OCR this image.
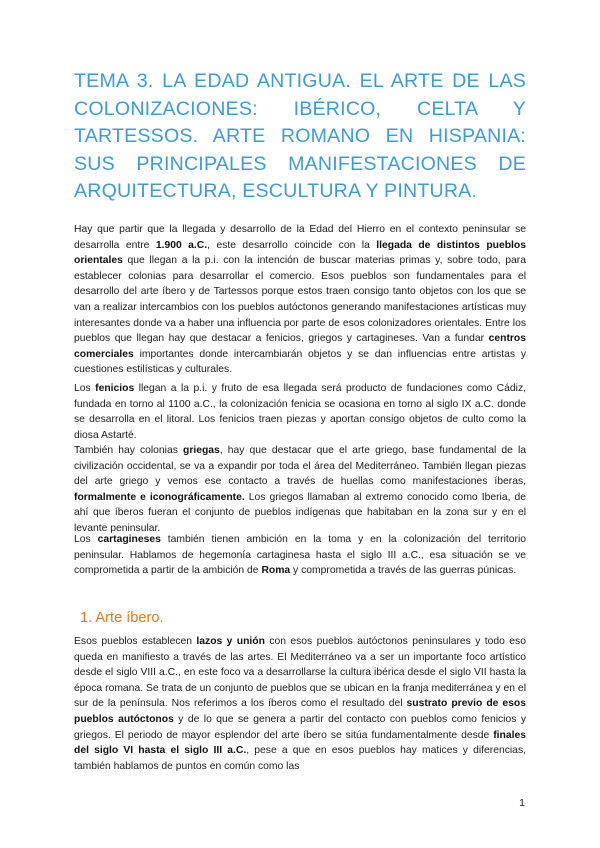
TEMA 3. LA EDAD ANTIGUA. EL ARTE DE LAS COLONIZACIONES: IBÉRICO, CELTA Y TARTESSOS. ARTE ROMANO EN HISPANIA: SUS PRINCIPALES MANIFESTACIONES DE ARQUITECTURA, ESCULTURA Y PINTURA.

Hay que partir que la llegada y desarrollo de la Edad del Hierro en el contexto peninsular se desarrolla entre 1.900 a.C., este desarrollo coincide con la llegada de distintos pueblos orientales que llegan a la p.i. con la intención de buscar materias primas y, sobre todo, para establecer colonias para desarrollar el comercio. Esos pueblos son fundamentales para el desarrollo del arte íbero y de Tartessos porque estos traen consigo tanto objetos con los que se van a realizar intercambios con los pueblos autóctonos generando manifestaciones artísticas muy interesantes donde va a haber una influencia por parte de esos colonizadores orientales. Entre los pueblos que llegan hay que destacar a fenicios, griegos y cartagineses. Van a fundar centros comerciales importantes donde intercambiarán objetos y se dan influencias entre artistas y cuestiones estilísticas y culturales.

Los fenicios llegan a la p.i. y fruto de esa llegada será producto de fundaciones como Cádiz, fundada en torno al 1100 a.C., la colonización fenicia se ocasiona en torno al siglo IX a.C. donde se desarrolla en el litoral. Los fenicios traen piezas y aportan consigo objetos de culto como la diosa Astarté.

También hay colonias griegas, hay que destacar que el arte griego, base fundamental de la civilización occidental, se va a expandir por toda el área del Mediterráneo. También llegan piezas del arte griego y vemos ese contacto a través de huellas como manifestaciones íberas, formalmente e iconográficamente. Los griegos llamaban al extremo conocido como Iberia, de ahí que íberos fueran el conjunto de pueblos indígenas que habitaban en la zona sur y en el levante peninsular.

Los cartagineses también tienen ambición en la toma y en la colonización del territorio peninsular. Hablamos de hegemonía cartaginesa hasta el siglo III a.C., esa situación se ve comprometida a partir de la ambición de Roma y comprometida a través de las guerras púnicas.

1. Arte íbero.

Esos pueblos establecen lazos y unión con esos pueblos autóctonos peninsulares y todo eso queda en manifiesto a través de las artes. El Mediterráneo va a ser un importante foco artístico desde el siglo VIII a.C., en este foco va a desarrollarse la cultura ibérica desde el siglo VII hasta la época romana. Se trata de un conjunto de pueblos que se ubican en la franja mediterránea y en el sur de la península. Nos referimos a los íberos como el resultado del sustrato previo de esos pueblos autóctonos y de lo que se genera a partir del contacto con pueblos como fenicios y griegos. El periodo de mayor esplendor del arte íbero se sitúa fundamentalmente desde finales del siglo VI hasta el siglo III a.C., pese a que en esos pueblos hay matices y diferencias, también hablamos de puntos en común como las

1
